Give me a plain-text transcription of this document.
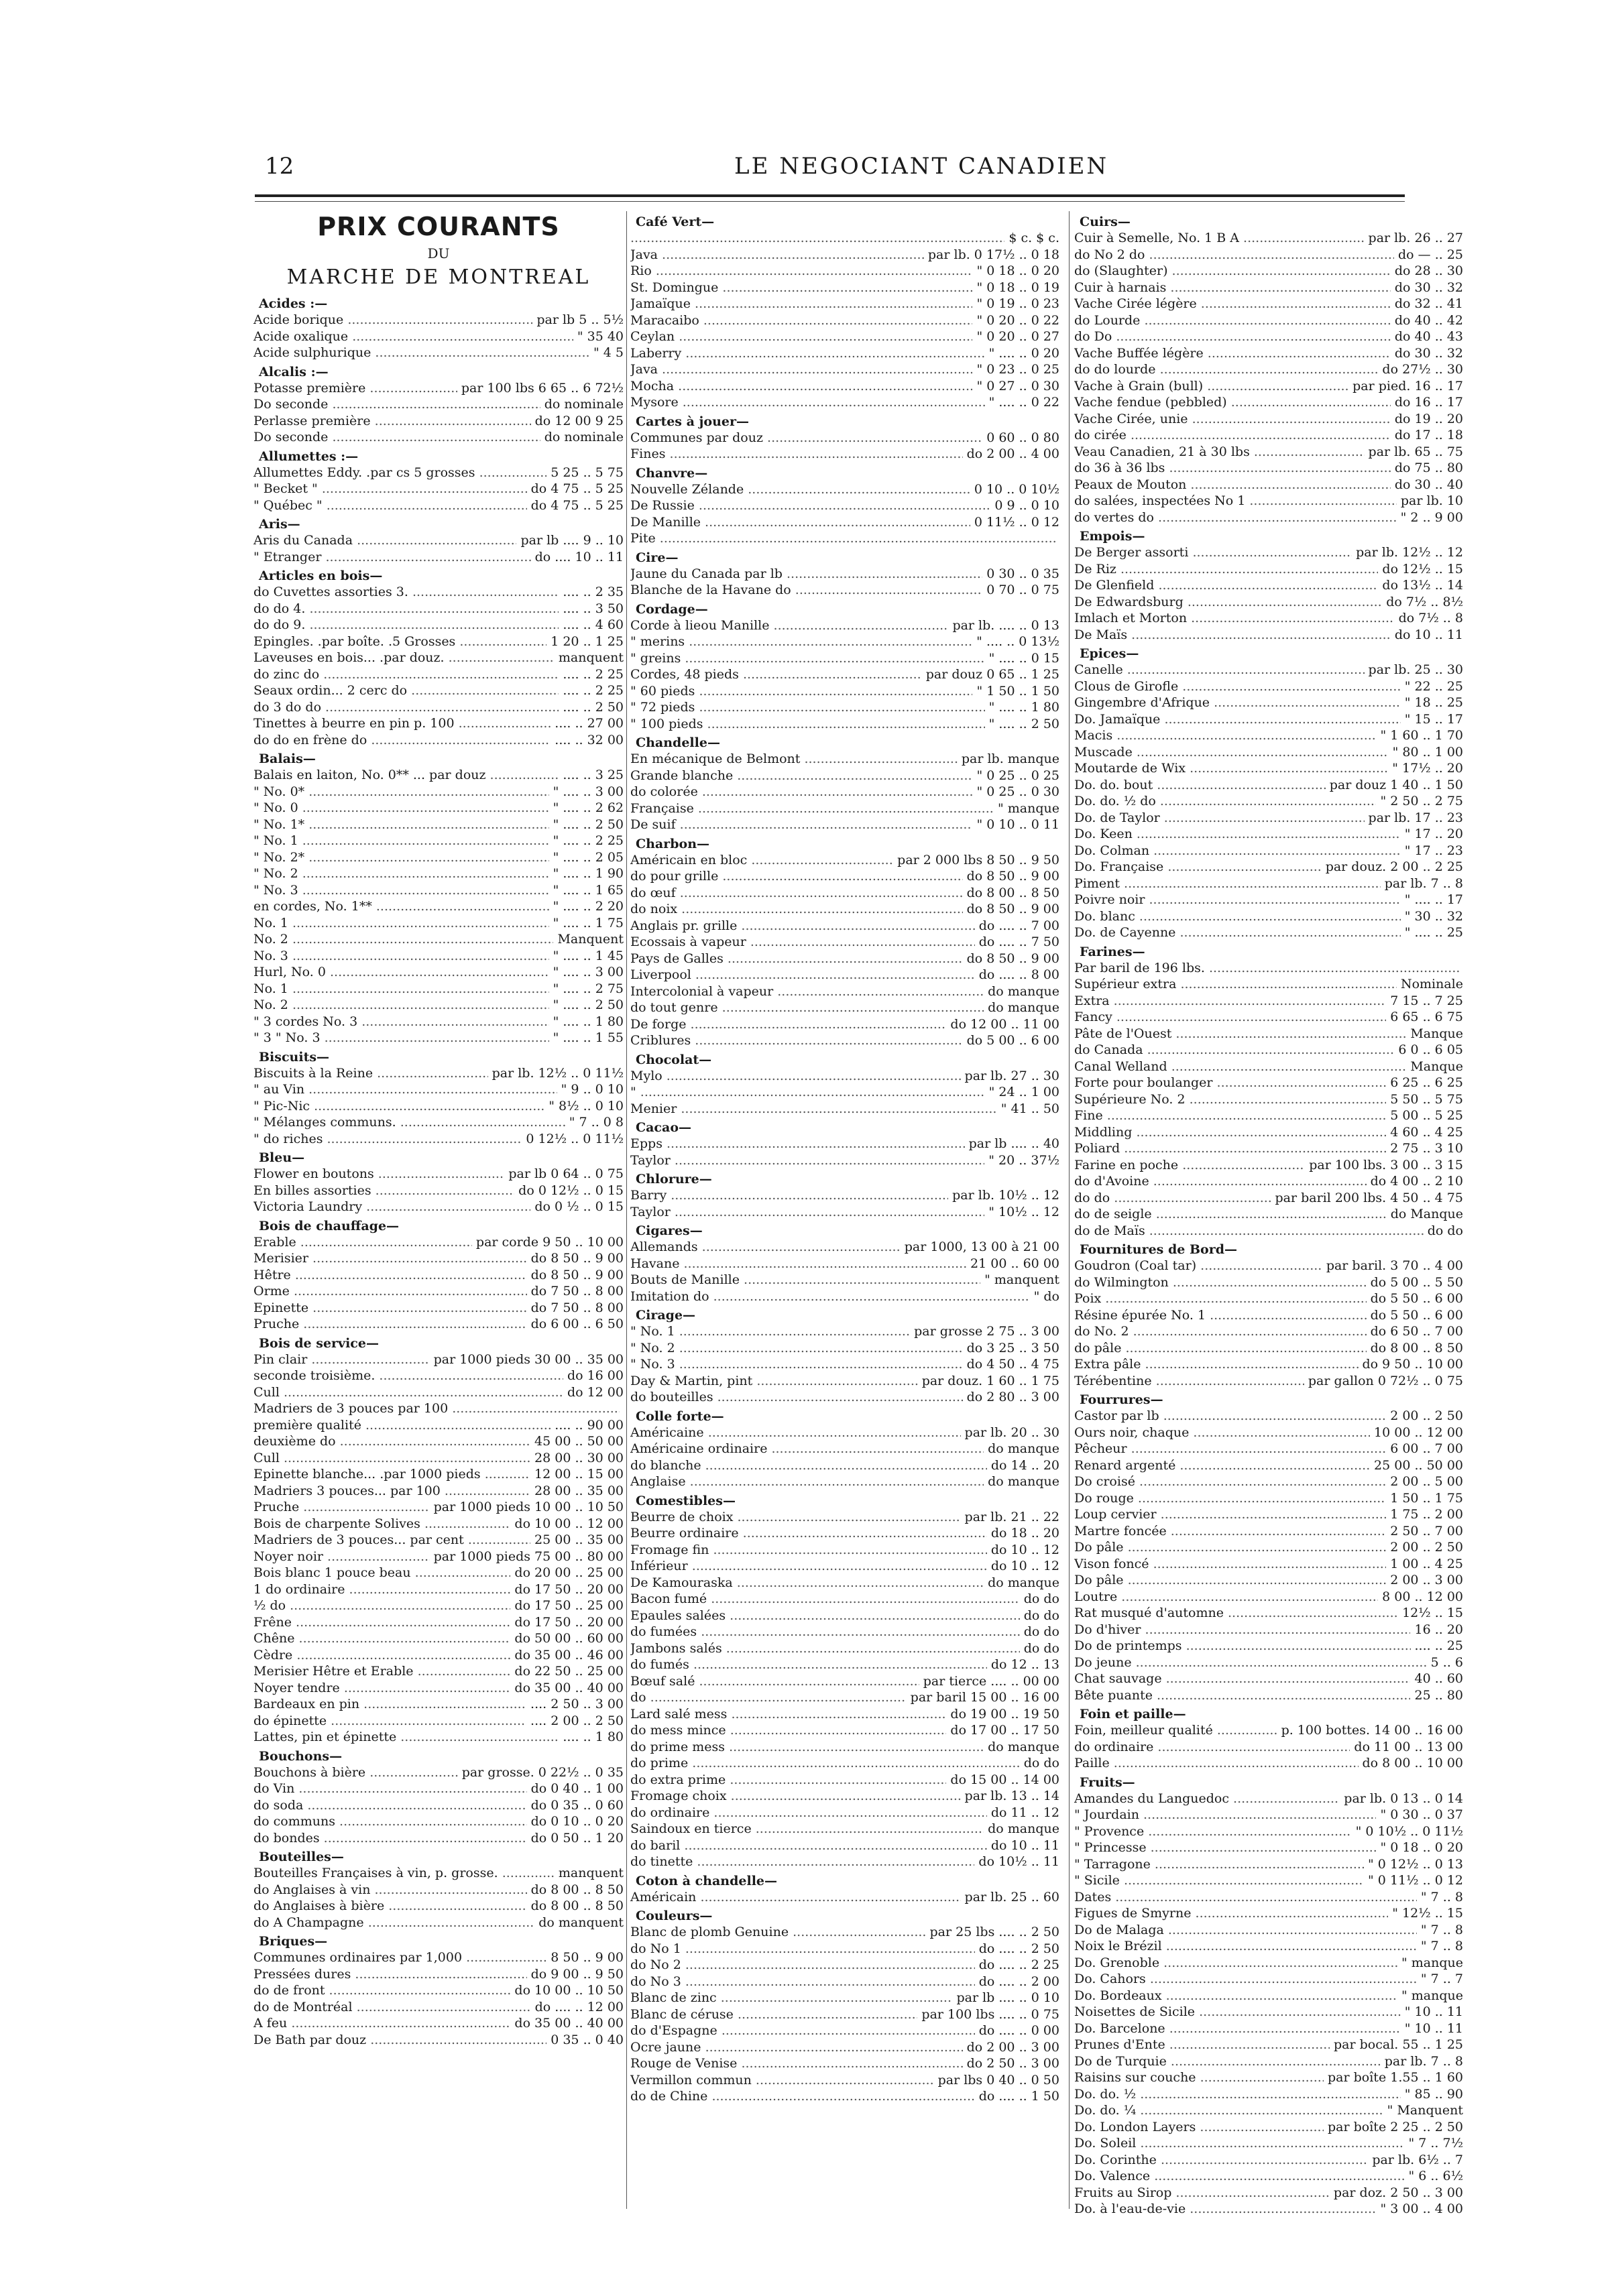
12	LE NEGOCIANT CANADIEN
PRIX COURANTS
DU
MARCHE DE MONTREAL
Acides :—
Acide borique .....	par lb 5 .. 5½
Acide oxalique .....	" 35 40
Acide sulphurique .....	" 4 5
Alcalis :—
Potasse première .....	par 100 lbs 6 65 .. 6 72½
Do seconde .....	do nominale
Perlasse première .....	do 12 00 9 25
Do seconde .....	do nominale
Allumettes :—
Allumettes Eddy. .par cs 5 grosses .....	5 25 .. 5 75
" Becket " .....	do 4 75 .. 5 25
" Québec " .....	do 4 75 .. 5 25
Aris—
Aris du Canada .....	par lb .... 9 .. 10
" Etranger .....	do .... 10 .. 11
Articles en bois—
do Cuvettes assorties 3. .....	.... .. 2 35
do do 4. .....	.... .. 3 50
do do 9. .....	.... .. 4 60
Epingles. .par boîte. .5 Grosses .....	1 20 .. 1 25
Laveuses en bois... .par douz. .....	manquent
do zinc do .....	.... .. 2 25
Seaux ordin... 2 cerc do .....	.... .. 2 25
do 3 do do .....	.... .. 2 50
Tinettes à beurre en pin p. 100 .....	.... .. 27 00
do do en frène do .....	.... .. 32 00
Balais—
Balais en laiton, No. 0** ... par douz .....	.... .. 3 25
" No. 0* .....	" .... .. 3 00
" No. 0 .....	" .... .. 2 62
" No. 1* .....	" .... .. 2 50
" No. 1 .....	" .... .. 2 25
" No. 2* .....	" .... .. 2 05
" No. 2 .....	" .... .. 1 90
" No. 3 .....	" .... .. 1 65
en cordes, No. 1** .....	" .... .. 2 20
No. 1 .....	" .... .. 1 75
No. 2 .....	Manquent
No. 3 .....	" .... .. 1 45
Hurl, No. 0 .....	" .... .. 3 00
No. 1 .....	" .... .. 2 75
No. 2 .....	" .... .. 2 50
" 3 cordes No. 3 .....	" .... .. 1 80
" 3 " No. 3 .....	" .... .. 1 55
Biscuits—
Biscuits à la Reine .....	par lb. 12½ .. 0 11½
" au Vin .....	" 9 .. 0 10
" Pic-Nic .....	" 8½ .. 0 10
" Mélanges communs. .....	" 7 .. 0 8
" do riches .....	0 12½ .. 0 11½
Bleu—
Flower en boutons .....	par lb 0 64 .. 0 75
En billes assorties .....	do 0 12½ .. 0 15
Victoria Laundry .....	do 0 ½ .. 0 15
Bois de chauffage—
Erable .....	par corde 9 50 .. 10 00
Merisier .....	do 8 50 .. 9 00
Hêtre .....	do 8 50 .. 9 00
Orme .....	do 7 50 .. 8 00
Epinette .....	do 7 50 .. 8 00
Pruche .....	do 6 00 .. 6 50
Bois de service—
Pin clair .....	par 1000 pieds 30 00 .. 35 00
seconde troisième. .....	do 16 00
Cull .....	do 12 00
Madriers de 3 pouces par 100 .....
première qualité .....	.... .. 90 00
deuxième do .....	45 00 .. 50 00
Cull .....	28 00 .. 30 00
Epinette blanche... .par 1000 pieds .....	12 00 .. 15 00
Madriers 3 pouces... par 100 .....	28 00 .. 35 00
Pruche .....	par 1000 pieds 10 00 .. 10 50
Bois de charpente Solives .....	do 10 00 .. 12 00
Madriers de 3 pouces... par cent .....	25 00 .. 35 00
Noyer noir .....	par 1000 pieds 75 00 .. 80 00
Bois blanc 1 pouce beau .....	do 20 00 .. 25 00
1 do ordinaire .....	do 17 50 .. 20 00
½ do .....	do 17 50 .. 25 00
Frêne .....	do 17 50 .. 20 00
Chêne .....	do 50 00 .. 60 00
Cèdre .....	do 35 00 .. 46 00
Merisier Hêtre et Erable .....	do 22 50 .. 25 00
Noyer tendre .....	do 35 00 .. 40 00
Bardeaux en pin .....	.... 2 50 .. 3 00
do épinette .....	.... 2 00 .. 2 50
Lattes, pin et épinette .....	.... .. 1 80
Bouchons—
Bouchons à bière .....	par grosse. 0 22½ .. 0 35
do Vin .....	do 0 40 .. 1 00
do soda .....	do 0 35 .. 0 60
do communs .....	do 0 10 .. 0 20
do bondes .....	do 0 50 .. 1 20
Bouteilles—
Bouteilles Françaises à vin, p. grosse. .....	manquent
do Anglaises à vin .....	do 8 00 .. 8 50
do Anglaises à bière .....	do 8 00 .. 8 50
do A Champagne .....	do manquent
Briques—
Communes ordinaires par 1,000 .....	8 50 .. 9 00
Pressées dures .....	do 9 00 .. 9 50
do de front .....	do 10 00 .. 10 50
do de Montréal .....	do .... .. 12 00
A feu .....	do 35 00 .. 40 00
De Bath par douz .....	0 35 .. 0 40
Café Vert—
.....
$ c. $ c.
Java .....	par lb. 0 17½ .. 0 18
Rio .....	" 0 18 .. 0 20
St. Domingue .....	" 0 18 .. 0 19
Jamaïque .....	" 0 19 .. 0 23
Maracaibo .....	" 0 20 .. 0 22
Ceylan .....	" 0 20 .. 0 27
Laberry .....	" .... .. 0 20
Java .....	" 0 23 .. 0 25
Mocha .....	" 0 27 .. 0 30
Mysore .....	" .... .. 0 22
Cartes à jouer—
Communes par douz .....	0 60 .. 0 80
Fines .....	do 2 00 .. 4 00
Chanvre—
Nouvelle Zélande .....	0 10 .. 0 10½
De Russie .....	0 9 .. 0 10
De Manille .....	0 11½ .. 0 12
Pite .....
Cire—
Jaune du Canada par lb .....	0 30 .. 0 35
Blanche de la Havane do .....	0 70 .. 0 75
Cordage—
Corde à lieou Manille .....	par lb. .... .. 0 13
" merins .....	" .... .. 0 13½
" greins .....	" .... .. 0 15
Cordes, 48 pieds .....	par douz 0 65 .. 1 25
" 60 pieds .....	" 1 50 .. 1 50
" 72 pieds .....	" .... .. 1 80
" 100 pieds .....	" .... .. 2 50
Chandelle—
En mécanique de Belmont .....	par lb. manque
Grande blanche .....	" 0 25 .. 0 25
do colorée .....	" 0 25 .. 0 30
Française .....	" manque
De suif .....	" 0 10 .. 0 11
Charbon—
Américain en bloc .....	par 2 000 lbs 8 50 .. 9 50
do pour grille .....	do 8 50 .. 9 00
do œuf .....	do 8 00 .. 8 50
do noix .....	do 8 50 .. 9 00
Anglais pr. grille .....	do .... .. 7 00
Ecossais à vapeur .....	do .... .. 7 50
Pays de Galles .....	do 8 50 .. 9 00
Liverpool .....	do .... .. 8 00
Intercolonial à vapeur .....	do manque
do tout genre .....	do manque
De forge .....	do 12 00 .. 11 00
Criblures .....	do 5 00 .. 6 00
Chocolat—
Mylo .....	par lb. 27 .. 30
" .....	" 24 .. 1 00
Menier .....	" 41 .. 50
Cacao—
Epps .....	par lb .... .. 40
Taylor .....	" 20 .. 37½
Chlorure—
Barry .....	par lb. 10½ .. 12
Taylor .....	" 10½ .. 12
Cigares—
Allemands .....	par 1000, 13 00 à 21 00
Havane .....	21 00 .. 60 00
Bouts de Manille .....	" manquent
Imitation do .....	" do
Cirage—
" No. 1 .....	par grosse 2 75 .. 3 00
" No. 2 .....	do 3 25 .. 3 50
" No. 3 .....	do 4 50 .. 4 75
Day & Martin, pint .....	par douz. 1 60 .. 1 75
do bouteilles .....	do 2 80 .. 3 00
Colle forte—
Américaine .....	par lb. 20 .. 30
Américaine ordinaire .....	do manque
do blanche .....	do 14 .. 20
Anglaise .....	do manque
Comestibles—
Beurre de choix .....	par lb. 21 .. 22
Beurre ordinaire .....	do 18 .. 20
Fromage fin .....	do 10 .. 12
Inférieur .....	do 10 .. 12
De Kamouraska .....	do manque
Bacon fumé .....	do do
Epaules salées .....	do do
do fumées .....	do do
Jambons salés .....	do do
do fumés .....	do 12 .. 13
Bœuf salé .....	par tierce .... .. 00 00
do .....	par baril 15 00 .. 16 00
Lard salé mess .....	do 19 00 .. 19 50
do mess mince .....	do 17 00 .. 17 50
do prime mess .....	do manque
do prime .....	do do
do extra prime .....	do 15 00 .. 14 00
Fromage choix .....	par lb. 13 .. 14
do ordinaire .....	do 11 .. 12
Saindoux en tierce .....	do manque
do baril .....	do 10 .. 11
do tinette .....	do 10½ .. 11
Coton à chandelle—
Américain .....	par lb. 25 .. 60
Couleurs—
Blanc de plomb Genuine .....	par 25 lbs .... .. 2 50
do No 1 .....	do .... .. 2 50
do No 2 .....	do .... .. 2 25
do No 3 .....	do .... .. 2 00
Blanc de zinc .....	par lb .... .. 0 10
Blanc de céruse .....	par 100 lbs .... .. 0 75
do d'Espagne .....	do .... .. 0 00
Ocre jaune .....	do 2 00 .. 3 00
Rouge de Venise .....	do 2 50 .. 3 00
Vermillon commun .....	par lbs 0 40 .. 0 50
do de Chine .....	do .... .. 1 50
Cuirs—
Cuir à Semelle, No. 1 B A .....	par lb. 26 .. 27
do No 2 do .....	do — .. 25
do (Slaughter) .....	do 28 .. 30
Cuir à harnais .....	do 30 .. 32
Vache Cirée légère .....	do 32 .. 41
do Lourde .....	do 40 .. 42
do Do .....	do 40 .. 43
Vache Buffée légère .....	do 30 .. 32
do do lourde .....	do 27½ .. 30
Vache à Grain (bull) .....	par pied. 16 .. 17
Vache fendue (pebbled) .....	do 16 .. 17
Vache Cirée, unie .....	do 19 .. 20
do cirée .....	do 17 .. 18
Veau Canadien, 21 à 30 lbs .....	par lb. 65 .. 75
do 36 à 36 lbs .....	do 75 .. 80
Peaux de Mouton .....	do 30 .. 40
do salées, inspectées No 1 .....	par lb. 10
do vertes do .....	" 2 .. 9 00
Empois—
De Berger assorti .....	par lb. 12½ .. 12
De Riz .....	do 12½ .. 15
De Glenfield .....	do 13½ .. 14
De Edwardsburg .....	do 7½ .. 8½
Imlach et Morton .....	do 7½ .. 8
De Maïs .....	do 10 .. 11
Epices—
Canelle .....	par lb. 25 .. 30
Clous de Girofle .....	" 22 .. 25
Gingembre d'Afrique .....	" 18 .. 25
Do. Jamaïque .....	" 15 .. 17
Macis .....	" 1 60 .. 1 70
Muscade .....	" 80 .. 1 00
Moutarde de Wix .....	" 17½ .. 20
Do. do. bout .....	par douz 1 40 .. 1 50
Do. do. ½ do .....	" 2 50 .. 2 75
Do. de Taylor .....	par lb. 17 .. 23
Do. Keen .....	" 17 .. 20
Do. Colman .....	" 17 .. 23
Do. Française .....	par douz. 2 00 .. 2 25
Piment .....	par lb. 7 .. 8
Poivre noir .....	" .... .. 17
Do. blanc .....	" 30 .. 32
Do. de Cayenne .....	" .... .. 25
Farines—
Par baril de 196 lbs. .....
Supérieur extra .....	Nominale
Extra .....	7 15 .. 7 25
Fancy .....	6 65 .. 6 75
Pâte de l'Ouest .....	Manque
do Canada .....	6 0 .. 6 05
Canal Welland .....	Manque
Forte pour boulanger .....	6 25 .. 6 25
Supérieure No. 2 .....	5 50 .. 5 75
Fine .....	5 00 .. 5 25
Middling .....	4 60 .. 4 25
Poliard .....	2 75 .. 3 10
Farine en poche .....	par 100 lbs. 3 00 .. 3 15
do d'Avoine .....	do 4 00 .. 2 10
do do .....	par baril 200 lbs. 4 50 .. 4 75
do de seigle .....	do Manque
do de Maïs .....	do do
Fournitures de Bord—
Goudron (Coal tar) .....	par baril. 3 70 .. 4 00
do Wilmington .....	do 5 00 .. 5 50
Poix .....	do 5 50 .. 6 00
Résine épurée No. 1 .....	do 5 50 .. 6 00
do No. 2 .....	do 6 50 .. 7 00
do pâle .....	do 8 00 .. 8 50
Extra pâle .....	do 9 50 .. 10 00
Térébentine .....	par gallon 0 72½ .. 0 75
Fourrures—
Castor par lb .....	2 00 .. 2 50
Ours noir, chaque .....	10 00 .. 12 00
Pêcheur .....	6 00 .. 7 00
Renard argenté .....	25 00 .. 50 00
Do croisé .....	2 00 .. 5 00
Do rouge .....	1 50 .. 1 75
Loup cervier .....	1 75 .. 2 00
Martre foncée .....	2 50 .. 7 00
Do pâle .....	2 00 .. 2 50
Vison foncé .....	1 00 .. 4 25
Do pâle .....	2 00 .. 3 00
Loutre .....	8 00 .. 12 00
Rat musqué d'automne .....	12½ .. 15
Do d'hiver .....	16 .. 20
Do de printemps .....	.... .. 25
Do jeune .....	5 .. 6
Chat sauvage .....	40 .. 60
Bête puante .....	25 .. 80
Foin et paille—
Foin, meilleur qualité .....	p. 100 bottes. 14 00 .. 16 00
do ordinaire .....	do 11 00 .. 13 00
Paille .....	do 8 00 .. 10 00
Fruits—
Amandes du Languedoc .....	par lb. 0 13 .. 0 14
" Jourdain .....	" 0 30 .. 0 37
" Provence .....	" 0 10½ .. 0 11½
" Princesse .....	" 0 18 .. 0 20
" Tarragone .....	" 0 12½ .. 0 13
" Sicile .....	" 0 11½ .. 0 12
Dates .....	" 7 .. 8
Figues de Smyrne .....	" 12½ .. 15
Do de Malaga .....	" 7 .. 8
Noix le Brézil .....	" 7 .. 8
Do. Grenoble .....	" manque
Do. Cahors .....	" 7 .. 7
Do. Bordeaux .....	" manque
Noisettes de Sicile .....	" 10 .. 11
Do. Barcelone .....	" 10 .. 11
Prunes d'Ente .....	par bocal. 55 .. 1 25
Do de Turquie .....	par lb. 7 .. 8
Raisins sur couche .....	par boîte 1.55 .. 1 60
Do. do. ½ .....	" 85 .. 90
Do. do. ¼ .....	" Manquent
Do. London Layers .....	par boîte 2 25 .. 2 50
Do. Soleil .....	" 7 .. 7½
Do. Corinthe .....	par lb. 6½ .. 7
Do. Valence .....	" 6 .. 6½
Fruits au Sirop .....	par doz. 2 50 .. 3 00
Do. à l'eau-de-vie .....	" 3 00 .. 4 00
